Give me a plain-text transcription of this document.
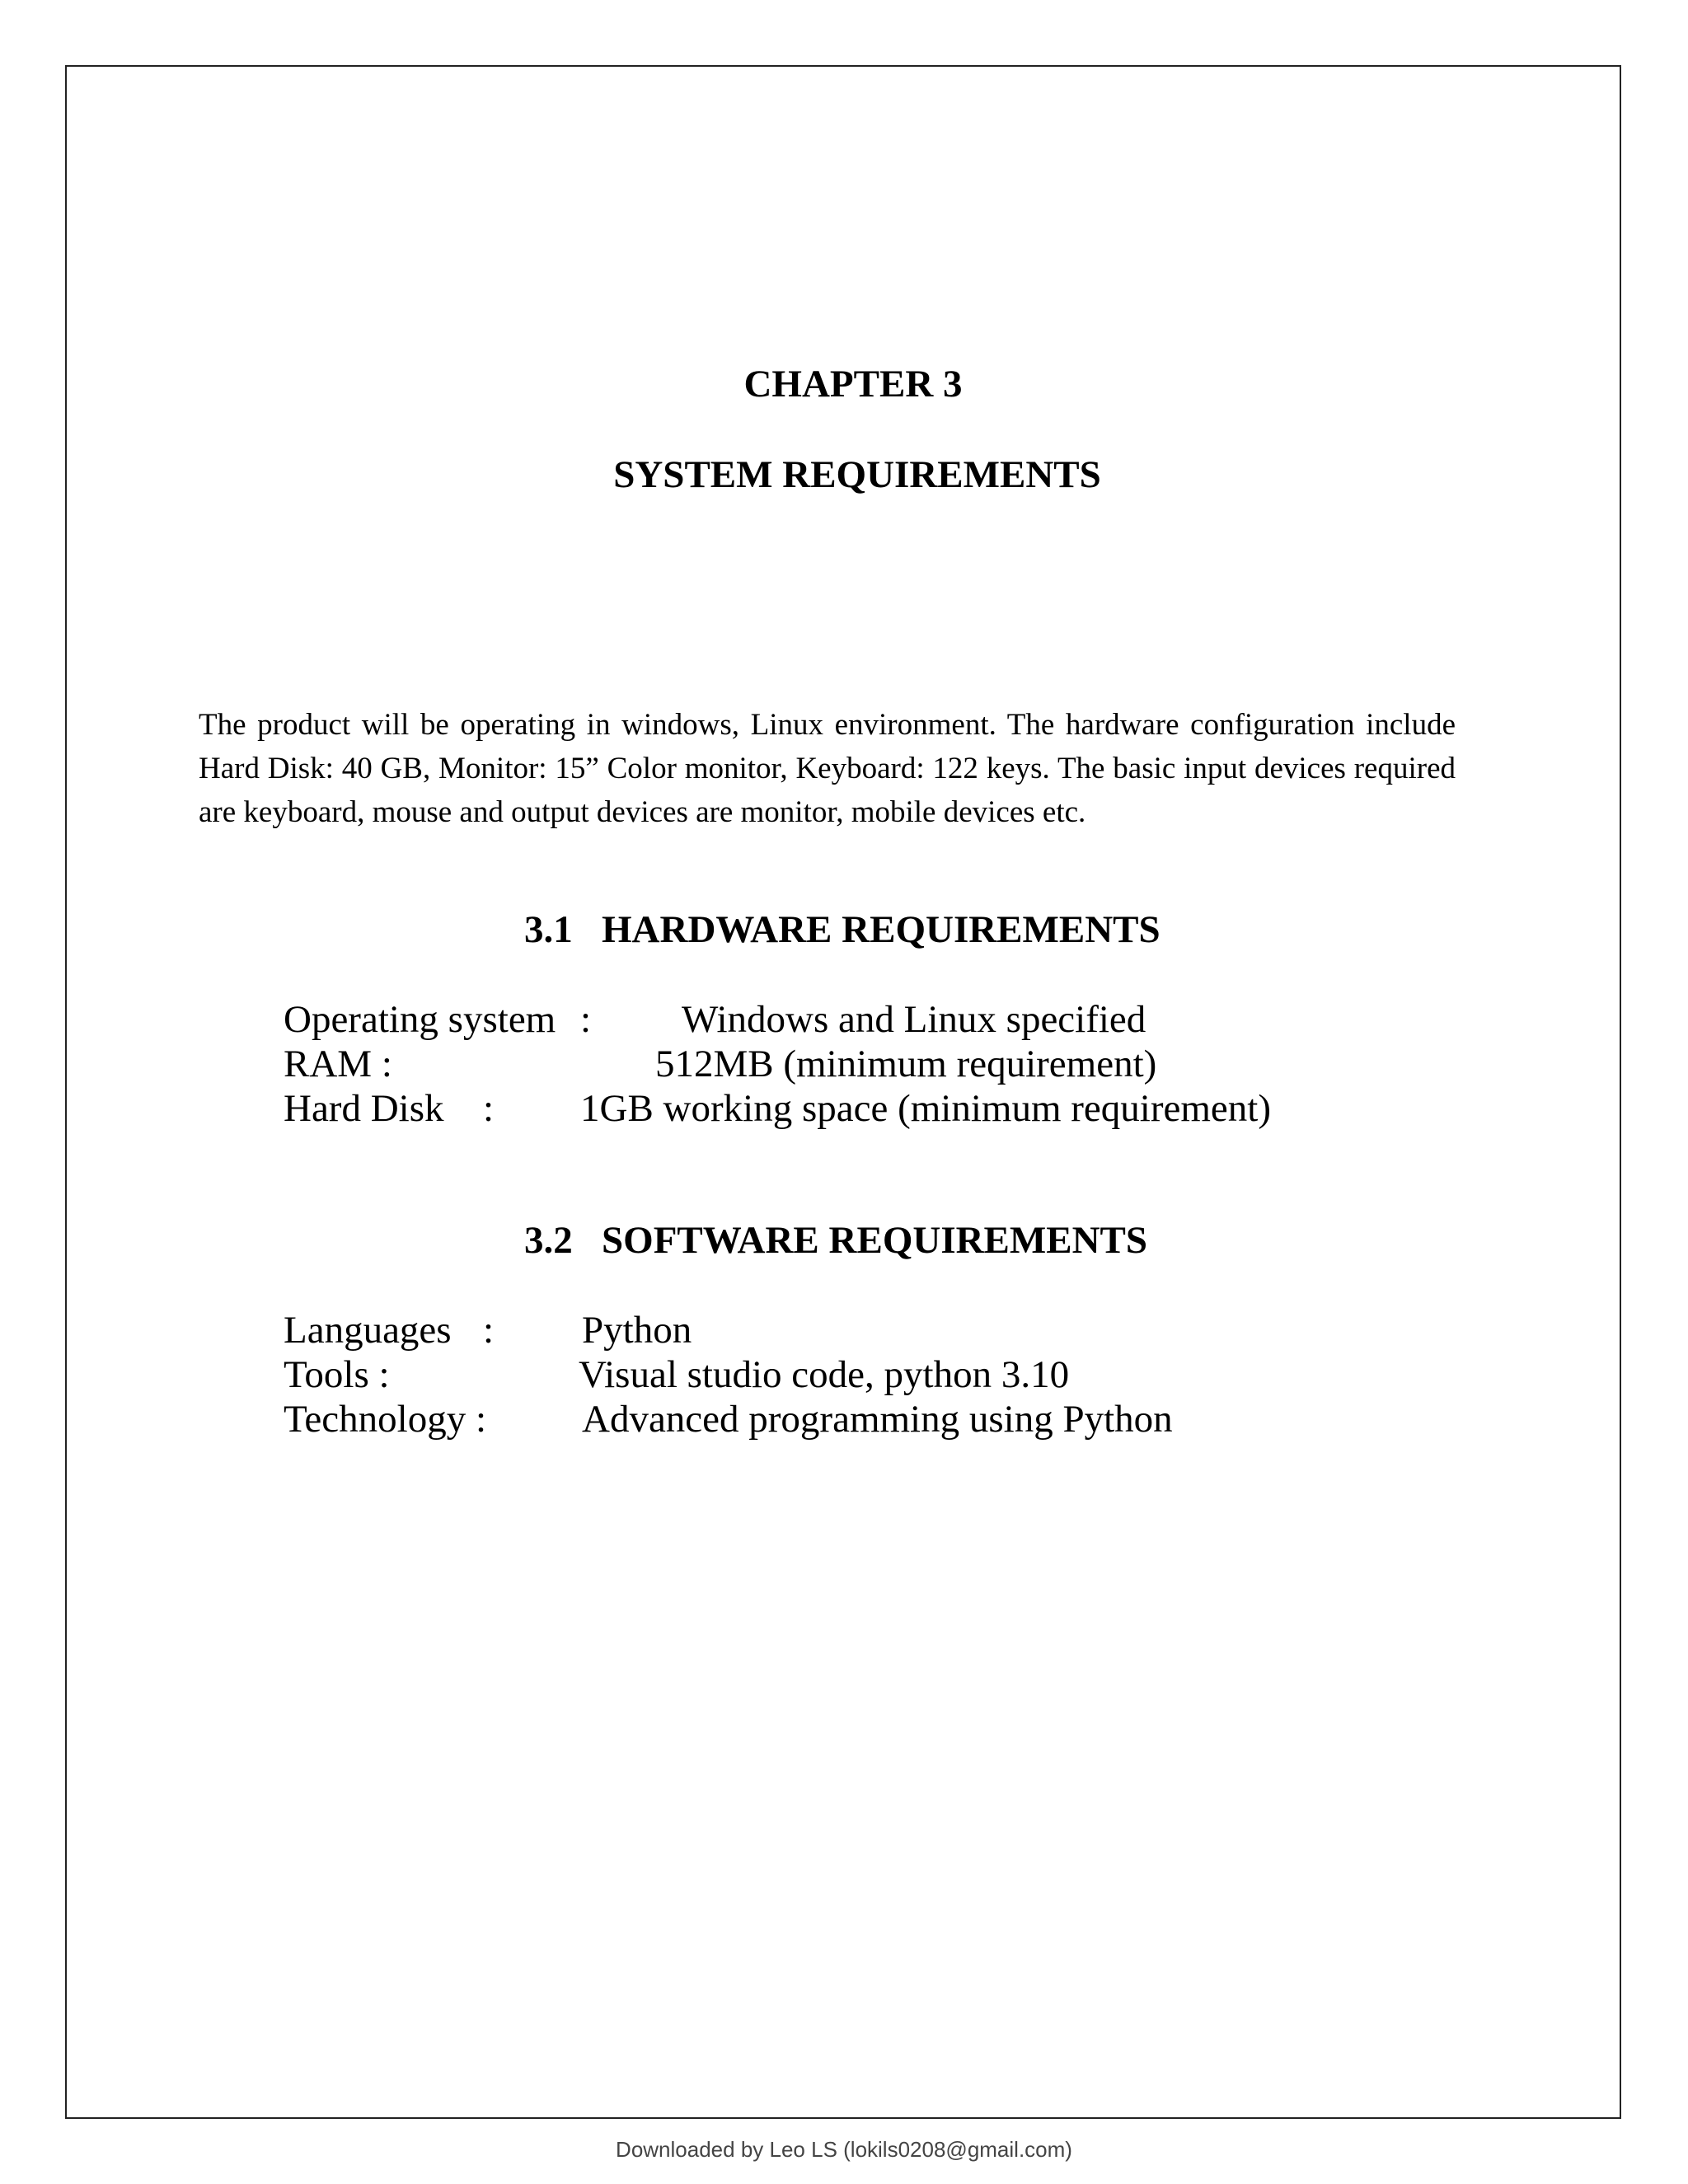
CHAPTER 3
SYSTEM REQUIREMENTS

The product will be operating in windows, Linux environment. The hardware configuration include Hard Disk: 40 GB, Monitor: 15” Color monitor, Keyboard: 122 keys. The basic input devices required are keyboard, mouse and output devices are monitor, mobile devices etc.

3.1 HARDWARE REQUIREMENTS
Operating system : Windows and Linux specified
RAM :	512MB (minimum requirement)
Hard Disk : 1GB working space (minimum requirement)
3.2 SOFTWARE REQUIREMENTS
Languages : Python
Tools :	Visual studio code, python 3.10
Technology : Advanced programming using Python
Downloaded by Leo LS (lokils0208@gmail.com)
